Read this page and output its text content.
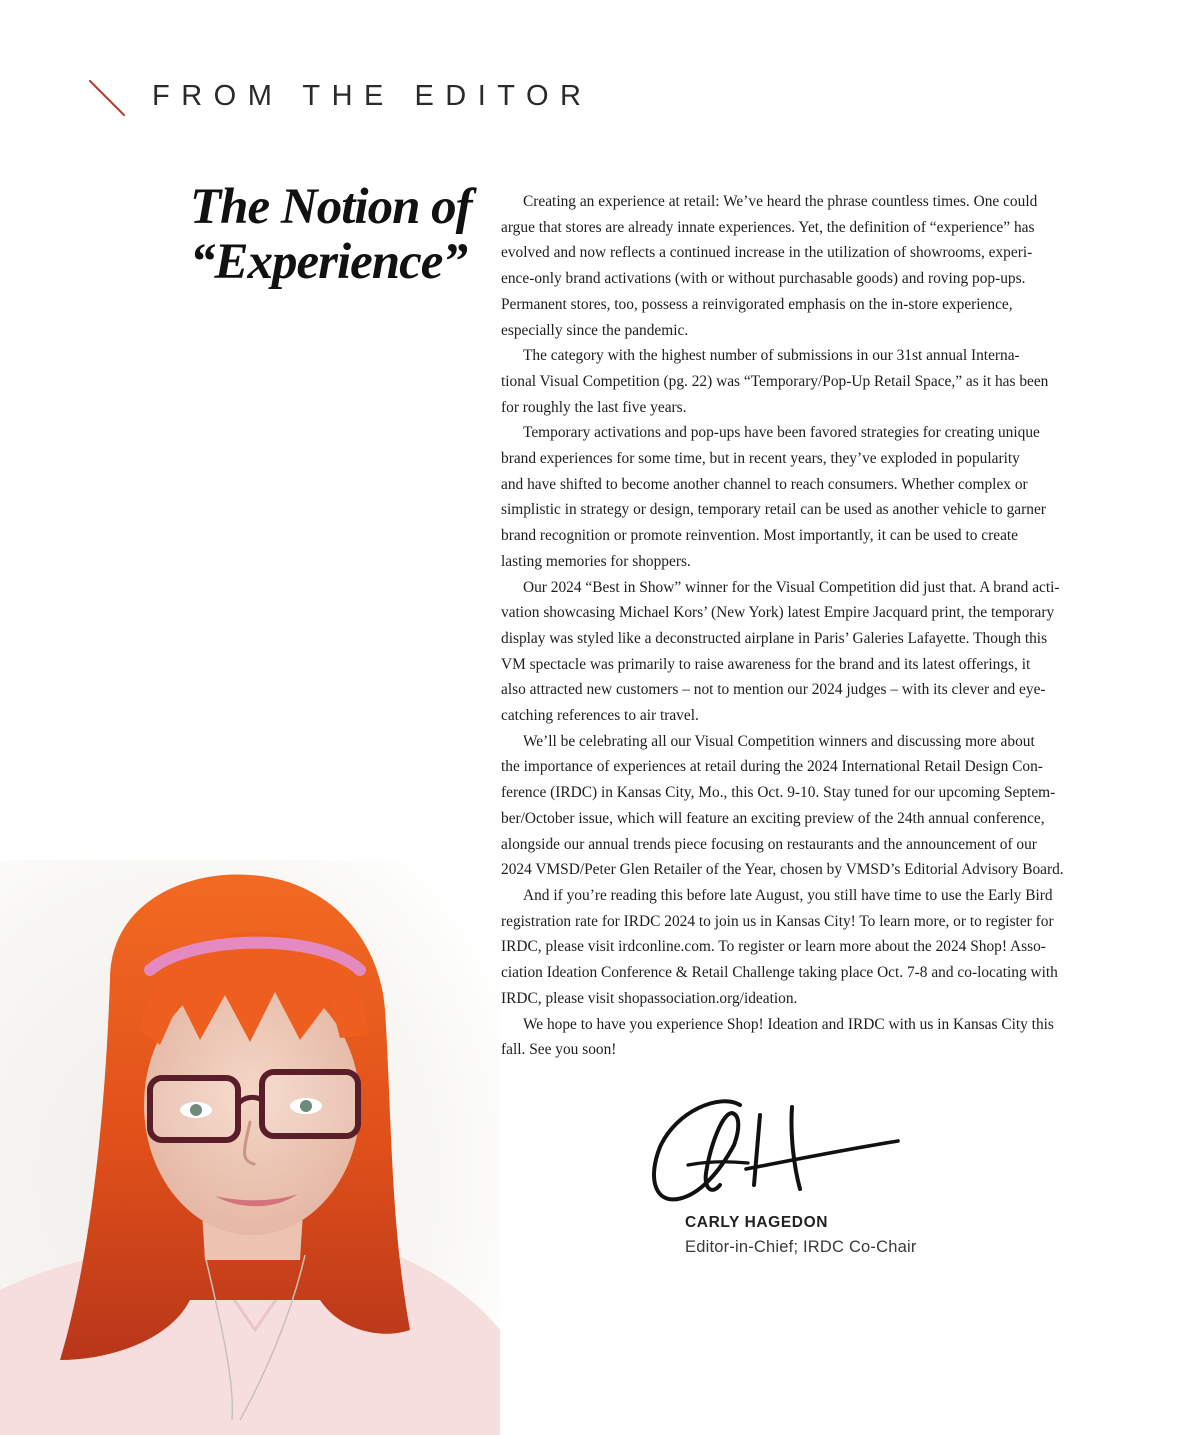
FROM THE EDITOR
The Notion of
“Experience”
Creating an experience at retail: We’ve heard the phrase countless times. One could
argue that stores are already innate experiences. Yet, the definition of “experience” has
evolved and now reflects a continued increase in the utilization of showrooms, experi-
ence-only brand activations (with or without purchasable goods) and roving pop-ups.
Permanent stores, too, possess a reinvigorated emphasis on the in-store experience,
especially since the pandemic.
The category with the highest number of submissions in our 31st annual Interna-
tional Visual Competition (pg. 22) was “Temporary/Pop-Up Retail Space,” as it has been
for roughly the last five years.
Temporary activations and pop-ups have been favored strategies for creating unique
brand experiences for some time, but in recent years, they’ve exploded in popularity
and have shifted to become another channel to reach consumers. Whether complex or
simplistic in strategy or design, temporary retail can be used as another vehicle to garner
brand recognition or promote reinvention. Most importantly, it can be used to create
lasting memories for shoppers.
Our 2024 “Best in Show” winner for the Visual Competition did just that. A brand acti-
vation showcasing Michael Kors’ (New York) latest Empire Jacquard print, the temporary
display was styled like a deconstructed airplane in Paris’ Galeries Lafayette. Though this
VM spectacle was primarily to raise awareness for the brand and its latest offerings, it
also attracted new customers – not to mention our 2024 judges – with its clever and eye-
catching references to air travel.
We’ll be celebrating all our Visual Competition winners and discussing more about
the importance of experiences at retail during the 2024 International Retail Design Con-
ference (IRDC) in Kansas City, Mo., this Oct. 9-10. Stay tuned for our upcoming Septem-
ber/October issue, which will feature an exciting preview of the 24th annual conference,
alongside our annual trends piece focusing on restaurants and the announcement of our
2024 VMSD/Peter Glen Retailer of the Year, chosen by VMSD’s Editorial Advisory Board.
And if you’re reading this before late August, you still have time to use the Early Bird
registration rate for IRDC 2024 to join us in Kansas City! To learn more, or to register for
IRDC, please visit irdconline.com. To register or learn more about the 2024 Shop! Asso-
ciation Ideation Conference & Retail Challenge taking place Oct. 7-8 and co-locating with
IRDC, please visit shopassociation.org/ideation.
We hope to have you experience Shop! Ideation and IRDC with us in Kansas City this
fall. See you soon!
CARLY HAGEDON
Editor-in-Chief; IRDC Co-Chair
